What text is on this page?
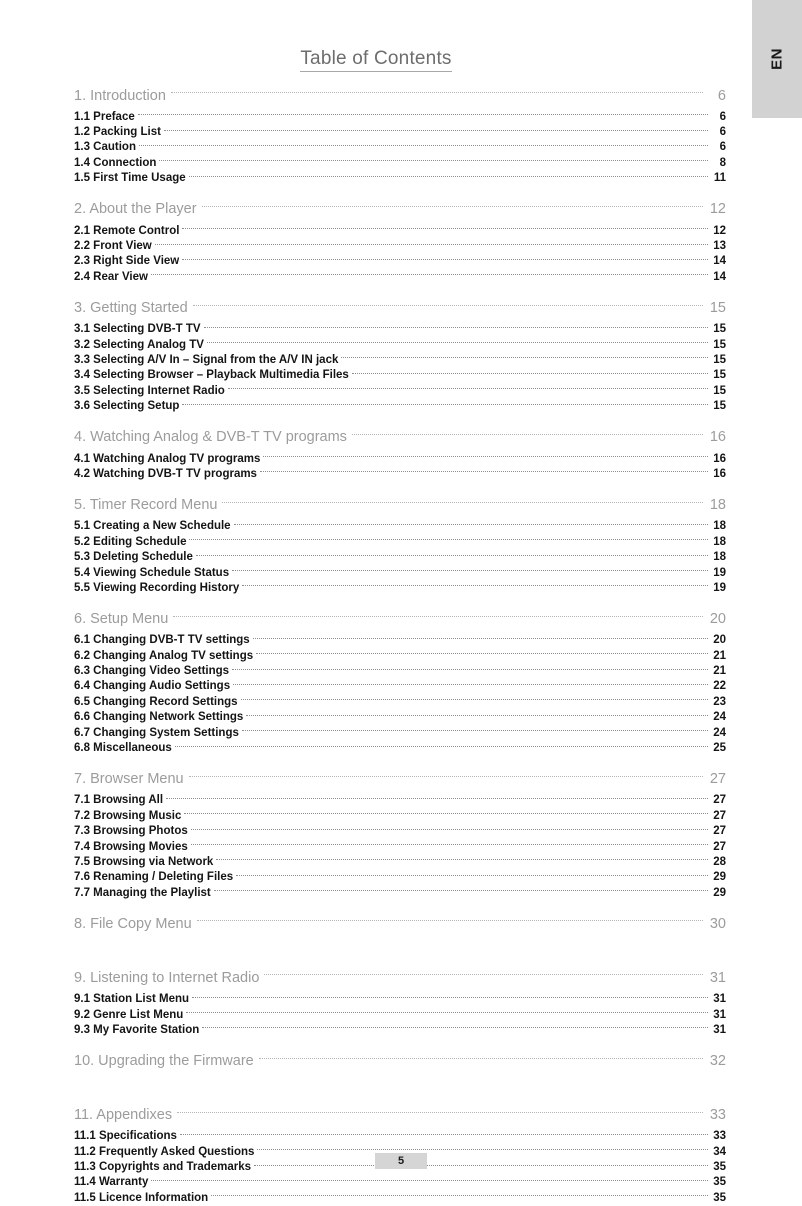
EN
Table of Contents
1. Introduction	6
1.1 Preface	6
1.2 Packing List	6
1.3 Caution	6
1.4 Connection	8
1.5 First Time Usage	11
2. About the Player	12
2.1 Remote Control	12
2.2 Front View	13
2.3 Right Side View	14
2.4 Rear View	14
3. Getting Started	15
3.1 Selecting DVB-T TV	15
3.2 Selecting Analog TV	15
3.3 Selecting A/V In – Signal from the A/V IN jack	15
3.4 Selecting Browser – Playback Multimedia Files	15
3.5 Selecting Internet Radio	15
3.6 Selecting Setup	15
4. Watching Analog & DVB-T TV programs	16
4.1 Watching Analog TV programs	16
4.2 Watching DVB-T TV programs	16
5. Timer Record Menu	18
5.1 Creating a New Schedule	18
5.2 Editing Schedule	18
5.3 Deleting Schedule	18
5.4 Viewing Schedule Status	19
5.5 Viewing Recording History	19
6. Setup Menu	20
6.1 Changing DVB-T TV settings	20
6.2 Changing Analog TV settings	21
6.3 Changing Video Settings	21
6.4 Changing Audio Settings	22
6.5 Changing Record Settings	23
6.6 Changing Network Settings	24
6.7 Changing System Settings	24
6.8 Miscellaneous	25
7. Browser Menu	27
7.1 Browsing All	27
7.2 Browsing Music	27
7.3 Browsing Photos	27
7.4 Browsing Movies	27
7.5 Browsing via Network	28
7.6 Renaming / Deleting Files	29
7.7 Managing the Playlist	29
8. File Copy Menu	30
9. Listening to Internet Radio	31
9.1 Station List Menu	31
9.2 Genre List Menu	31
9.3 My Favorite Station	31
10. Upgrading the Firmware	32
11. Appendixes	33
11.1 Specifications	33
11.2 Frequently Asked Questions	34
11.3 Copyrights and Trademarks	35
11.4 Warranty	35
11.5 Licence Information	35
5
